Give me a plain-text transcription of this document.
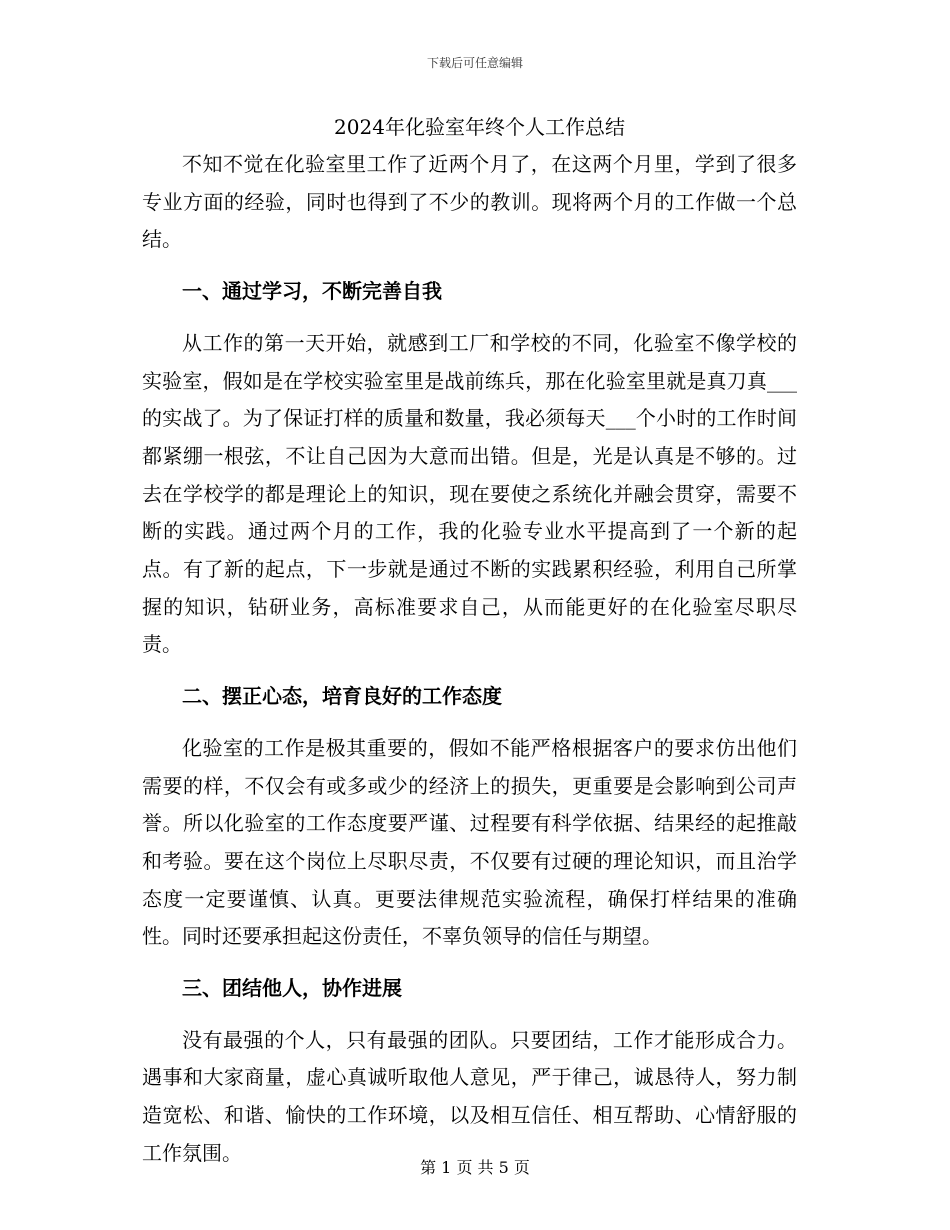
下载后可任意编辑
2024年化验室年终个人工作总结

不知不觉在化验室里工作了近两个月了，在这两个月里，学到了很多专业方面的经验，同时也得到了不少的教训。现将两个月的工作做一个总结。

一、通过学习，不断完善自我

从工作的第一天开始，就感到工厂和学校的不同，化验室不像学校的实验室，假如是在学校实验室里是战前练兵，那在化验室里就是真刀真___的实战了。为了保证打样的质量和数量，我必须每天___个小时的工作时间都紧绷一根弦，不让自己因为大意而出错。但是，光是认真是不够的。过去在学校学的都是理论上的知识，现在要使之系统化并融会贯穿，需要不断的实践。通过两个月的工作，我的化验专业水平提高到了一个新的起点。有了新的起点，下一步就是通过不断的实践累积经验，利用自己所掌握的知识，钻研业务，高标准要求自己，从而能更好的在化验室尽职尽责。

二、摆正心态，培育良好的工作态度

化验室的工作是极其重要的，假如不能严格根据客户的要求仿出他们需要的样，不仅会有或多或少的经济上的损失，更重要是会影响到公司声誉。所以化验室的工作态度要严谨、过程要有科学依据、结果经的起推敲和考验。要在这个岗位上尽职尽责，不仅要有过硬的理论知识，而且治学态度一定要谨慎、认真。更要法律规范实验流程，确保打样结果的准确性。同时还要承担起这份责任，不辜负领导的信任与期望。

三、团结他人，协作进展

没有最强的个人，只有最强的团队。只要团结，工作才能形成合力。遇事和大家商量，虚心真诚听取他人意见，严于律己，诚恳待人，努力制造宽松、和谐、愉快的工作环境，以及相互信任、相互帮助、心情舒服的工作氛围。

第 1 页 共 5 页
